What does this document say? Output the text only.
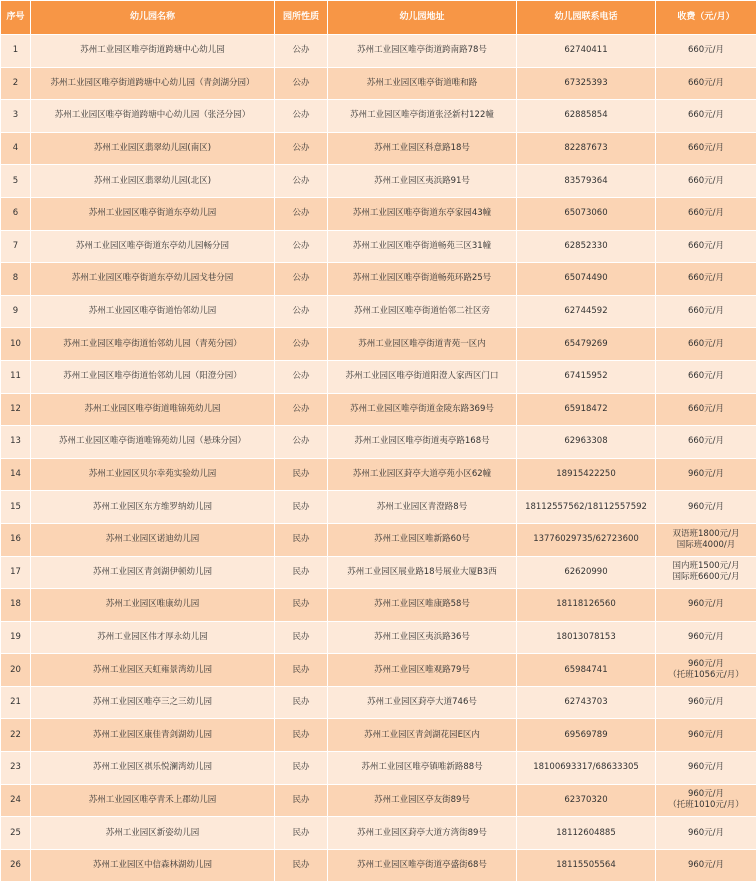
序号	幼儿园名称	园所性质	幼儿园地址	幼儿园联系电话	收费（元/月）
1	苏州工业园区唯亭街道跨塘中心幼儿园	公办	苏州工业园区唯亭街道跨南路78号	62740411	660元/月

2	苏州工业园区唯亭街道跨塘中心幼儿园（青剑湖分园）	公办	苏州工业园区唯亭街道唯和路	67325393	660元/月

3	苏州工业园区唯亭街道跨塘中心幼儿园（张泾分园）	公办	苏州工业园区唯亭街道张泾新村122幢	62885854	660元/月

4	苏州工业园区翡翠幼儿园(南区)	公办	苏州工业园区科意路18号	82287673	660元/月

5	苏州工业园区翡翠幼儿园(北区)	公办	苏州工业园区夷浜路91号	83579364	660元/月

6	苏州工业园区唯亭街道东亭幼儿园	公办	苏州工业园区唯亭街道东亭家园43幢	65073060	660元/月

7	苏州工业园区唯亭街道东亭幼儿园畅分园	公办	苏州工业园区唯亭街道畅苑三区31幢	62852330	660元/月

8	苏州工业园区唯亭街道东亭幼儿园戈巷分园	公办	苏州工业园区唯亭街道畅苑环路25号	65074490	660元/月

9	苏州工业园区唯亭街道怡邻幼儿园	公办	苏州工业园区唯亭街道怡邻二社区旁	62744592	660元/月

10	苏州工业园区唯亭街道怡邻幼儿园（青苑分园）	公办	苏州工业园区唯亭街道青苑一区内	65479269	660元/月

11	苏州工业园区唯亭街道怡邻幼儿园（阳澄分园）	公办	苏州工业园区唯亭街道阳澄人家西区门口	67415952	660元/月

12	苏州工业园区唯亭街道唯锦苑幼儿园	公办	苏州工业园区唯亭街道金陵东路369号	65918472	660元/月

13	苏州工业园区唯亭街道唯锦苑幼儿园（悬珠分园）	公办	苏州工业园区唯亭街道夷亭路168号	62963308	660元/月

14	苏州工业园区贝尔幸苑实验幼儿园	民办	苏州工业园区葑亭大道亭苑小区62幢	18915422250	960元/月

15	苏州工业园区东方维罗纳幼儿园	民办	苏州工业园区青澄路8号	18112557562/18112557592	960元/月

16	苏州工业园区诺迪幼儿园	民办	苏州工业园区唯新路60号	13776029735/62723600	双语班1800元/月
国际班4000/月

17	苏州工业园区青剑湖伊顿幼儿园	民办	苏州工业园区展业路18号展业大厦B3西	62620990	国内班1500元/月
国际班6600元/月

18	苏州工业园区唯康幼儿园	民办	苏州工业园区唯康路58号	18118126560	960元/月

19	苏州工业园区伟才厚永幼儿园	民办	苏州工业园区夷浜路36号	18013078153	960元/月

20	苏州工业园区天虹雍景湾幼儿园	民办	苏州工业园区唯观路79号	65984741	960元/月
（托班1056元/月）

21	苏州工业园区唯亭三之三幼儿园	民办	苏州工业园区葑亭大道746号	62743703	960元/月

22	苏州工业园区康佳青剑湖幼儿园	民办	苏州工业园区青剑湖花园E区内	69569789	960元/月

23	苏州工业园区祺乐悦澜湾幼儿园	民办	苏州工业园区唯亭镇唯新路88号	18100693317/68633305	960元/月

24	苏州工业园区唯亭青禾上郡幼儿园	民办	苏州工业园区亭友街89号	62370320	960元/月
（托班1010元/月）

25	苏州工业园区新姿幼儿园	民办	苏州工业园区葑亭大道方湾街89号	18112604885	960元/月

26	苏州工业园区中信森林湖幼儿园	民办	苏州工业园区唯亭街道亭盛街68号	18115505564	960元/月
